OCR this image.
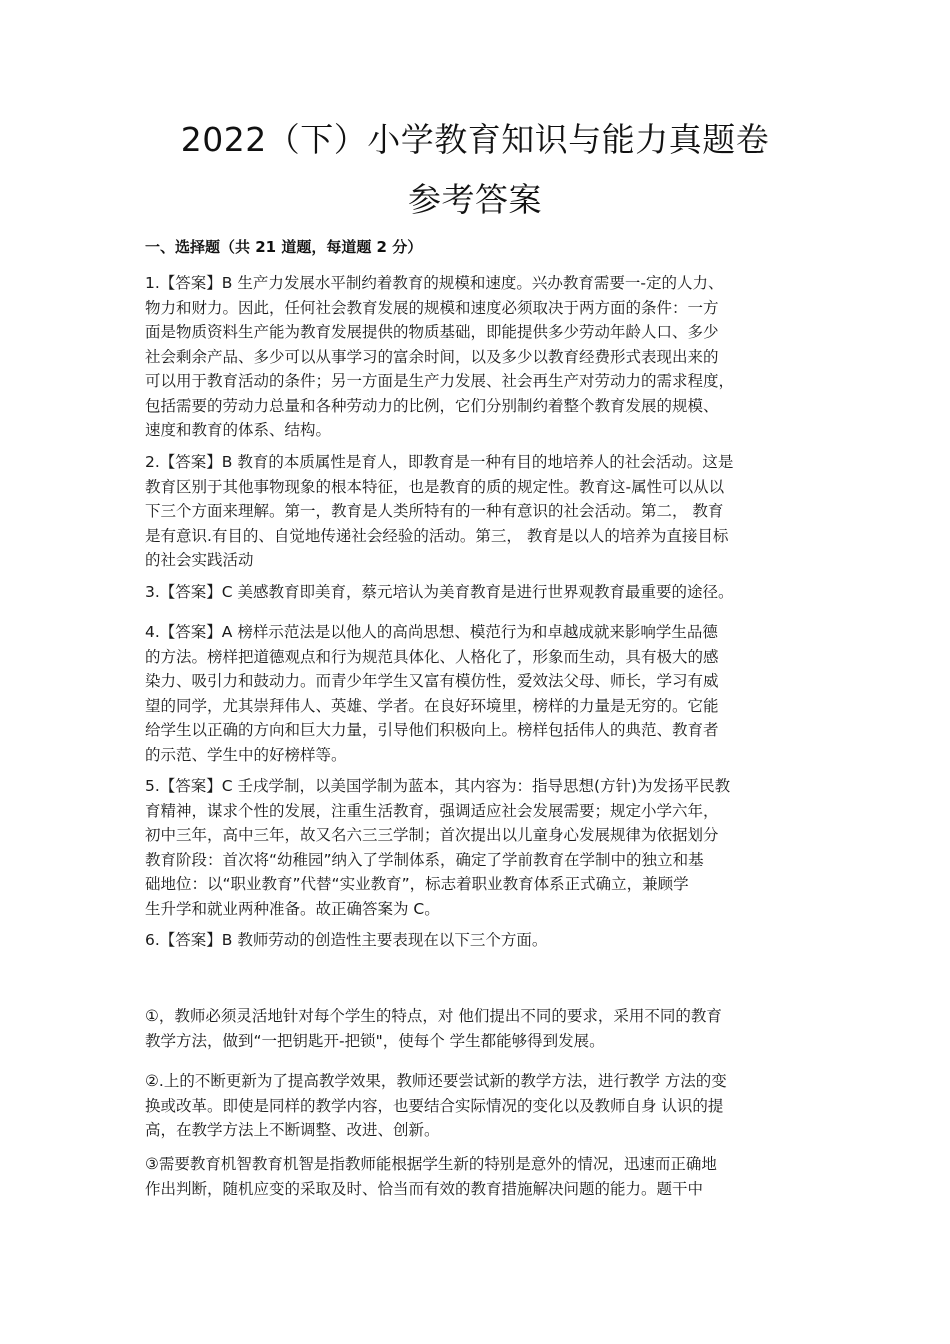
2022（下）小学教育知识与能力真题卷
参考答案
一、选择题（共 21 道题，每道题 2 分）
1.【答案】B 生产力发展水平制约着教育的规模和速度。兴办教育需要一-定的人力、
物力和财力。因此，任何社会教育发展的规模和速度必须取决于两方面的条件：一方
面是物质资料生产能为教育发展提供的物质基础，即能提供多少劳动年龄人口、多少
社会剩余产品、多少可以从事学习的富余时间，以及多少以教育经费形式表现出来的
可以用于教育活动的条件；另一方面是生产力发展、社会再生产对劳动力的需求程度，
包括需要的劳动力总量和各种劳动力的比例，它们分别制约着整个教育发展的规模、
速度和教育的体系、结构。
2.【答案】B 教育的本质属性是育人，即教育是一种有目的地培养人的社会活动。这是
教育区别于其他事物现象的根本特征，也是教育的质的规定性。教育这-属性可以从以
下三个方面来理解。第一，教育是人类所特有的一种有意识的社会活动。第二， 教育
是有意识.有目的、自觉地传递社会经验的活动。第三， 教育是以人的培养为直接目标
的社会实践活动
3.【答案】C 美感教育即美育，蔡元培认为美育教育是进行世界观教育最重要的途径。
4.【答案】A 榜样示范法是以他人的高尚思想、模范行为和卓越成就来影响学生品德
的方法。榜样把道德观点和行为规范具体化、人格化了，形象而生动，具有极大的感
染力、吸引力和鼓动力。而青少年学生又富有模仿性，爱效法父母、师长，学习有威
望的同学，尤其崇拜伟人、英雄、学者。在良好环境里，榜样的力量是无穷的。它能
给学生以正确的方向和巨大力量，引导他们积极向上。榜样包括伟人的典范、教育者
的示范、学生中的好榜样等。
5.【答案】C 壬戌学制，以美国学制为蓝本，其内容为：指导思想(方针)为发扬平民教
育精神，谋求个性的发展，注重生活教育，强调适应社会发展需要；规定小学六年，
初中三年，高中三年，故又名六三三学制；首次提出以儿童身心发展规律为依据划分
教育阶段：首次将“幼稚园”纳入了学制体系，确定了学前教育在学制中的独立和基
础地位：以“职业教育”代替“实业教育”，标志着职业教育体系正式确立，兼顾学
生升学和就业两种准备。故正确答案为 C。
6.【答案】B 教师劳动的创造性主要表现在以下三个方面。
①，教师必须灵活地针对每个学生的特点，对 他们提出不同的要求，采用不同的教育
教学方法，做到“一把钥匙开-把锁"，使每个 学生都能够得到发展。
②.上的不断更新为了提高教学效果，教师还要尝试新的教学方法，进行教学 方法的变
换或改革。即使是同样的教学内容，也要结合实际情况的变化以及教师自身 认识的提
高，在教学方法上不断调整、改进、创新。
③需要教育机智教育机智是指教师能根据学生新的特别是意外的情况，迅速而正确地
作出判断，随机应变的采取及时、恰当而有效的教育措施解决问题的能力。题干中
